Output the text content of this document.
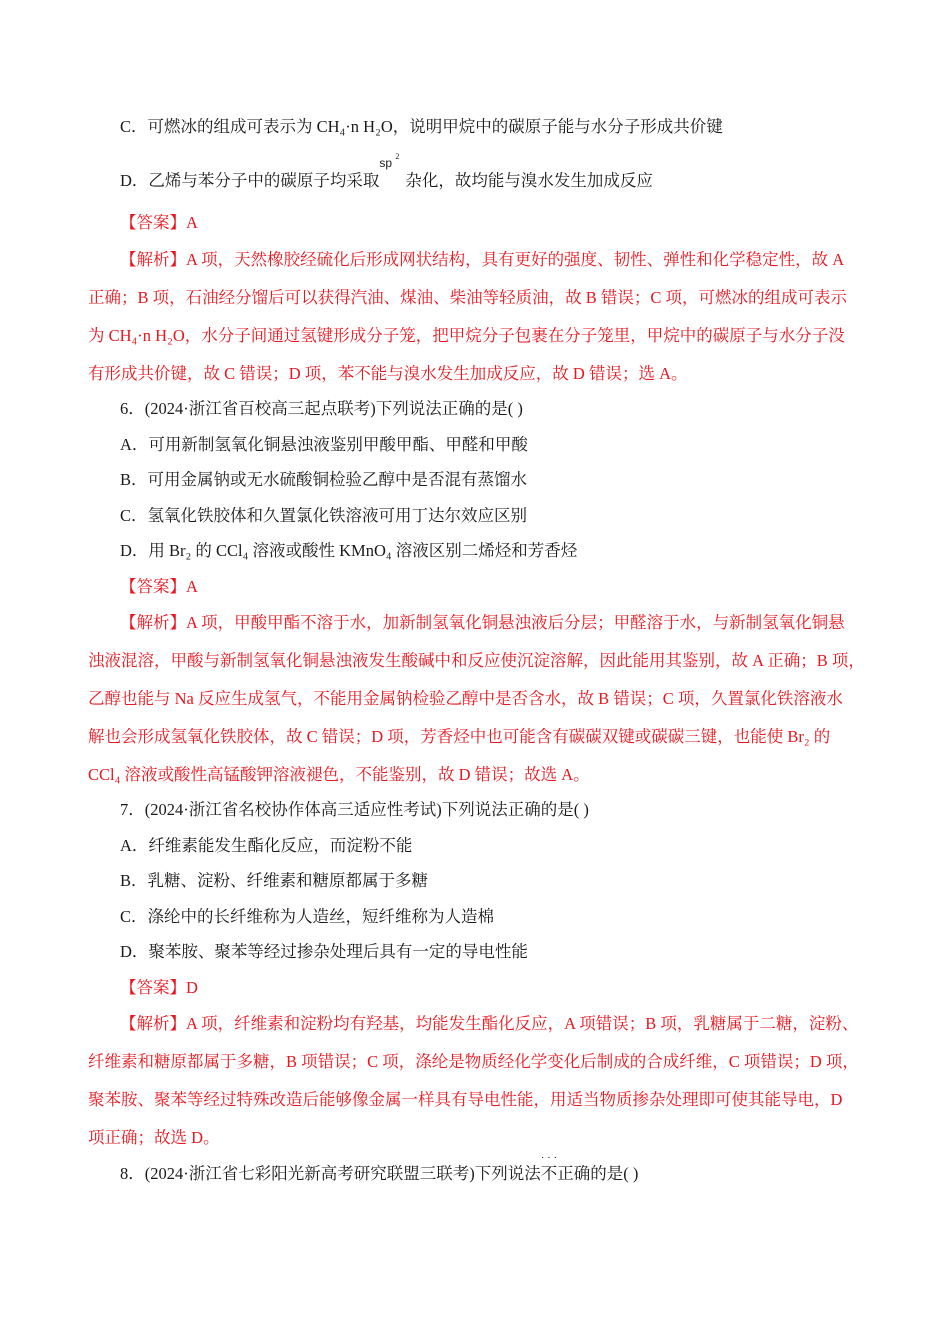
C．可燃冰的组成可表示为 CH₄·n H₂O，说明甲烷中的碳原子能与水分子形成共价键
D．乙烯与苯分子中的碳原子均采取
sp 2
杂化，故均能与溴水发生加成反应
【答案】A
【解析】A 项，天然橡胶经硫化后形成网状结构，具有更好的强度、韧性、弹性和化学稳定性，故 A
正确；B 项，石油经分馏后可以获得汽油、煤油、柴油等轻质油，故 B 错误；C 项，可燃冰的组成可表示
为 CH₄·n H₂O，水分子间通过氢键形成分子笼，把甲烷分子包裹在分子笼里，甲烷中的碳原子与水分子没
有形成共价键，故 C 错误；D 项，苯不能与溴水发生加成反应，故 D 错误；选 A。
6．(2024·浙江省百校高三起点联考)下列说法正确的是( )
A．可用新制氢氧化铜悬浊液鉴别甲酸甲酯、甲醛和甲酸
B．可用金属钠或无水硫酸铜检验乙醇中是否混有蒸馏水
C．氢氧化铁胶体和久置氯化铁溶液可用丁达尔效应区别
D．用 Br₂ 的 CCl₄ 溶液或酸性 KMnO₄ 溶液区别二烯烃和芳香烃
【答案】A
【解析】A 项，甲酸甲酯不溶于水，加新制氢氧化铜悬浊液后分层；甲醛溶于水，与新制氢氧化铜悬
浊液混溶，甲酸与新制氢氧化铜悬浊液发生酸碱中和反应使沉淀溶解，因此能用其鉴别，故 A 正确；B 项，
乙醇也能与 Na 反应生成氢气，不能用金属钠检验乙醇中是否含水，故 B 错误；C 项，久置氯化铁溶液水
解也会形成氢氧化铁胶体，故 C 错误；D 项，芳香烃中也可能含有碳碳双键或碳碳三键，也能使 Br₂ 的
CCl₄ 溶液或酸性高锰酸钾溶液褪色，不能鉴别，故 D 错误；故选 A。
7．(2024·浙江省名校协作体高三适应性考试)下列说法正确的是( )
A．纤维素能发生酯化反应，而淀粉不能
B．乳糖、淀粉、纤维素和糖原都属于多糖
C．涤纶中的长纤维称为人造丝，短纤维称为人造棉
D．聚苯胺、聚苯等经过掺杂处理后具有一定的导电性能
【答案】D
【解析】A 项，纤维素和淀粉均有羟基，均能发生酯化反应，A 项错误；B 项，乳糖属于二糖，淀粉、
纤维素和糖原都属于多糖，B 项错误；C 项，涤纶是物质经化学变化后制成的合成纤维，C 项错误；D 项，
聚苯胺、聚苯等经过特殊改造后能够像金属一样具有导电性能，用适当物质掺杂处理即可使其能导电，D
项正确；故选 D。
8．(2024·浙江省七彩阳光新高考研究联盟三联考)下列说法· · · 不正确的是( )
